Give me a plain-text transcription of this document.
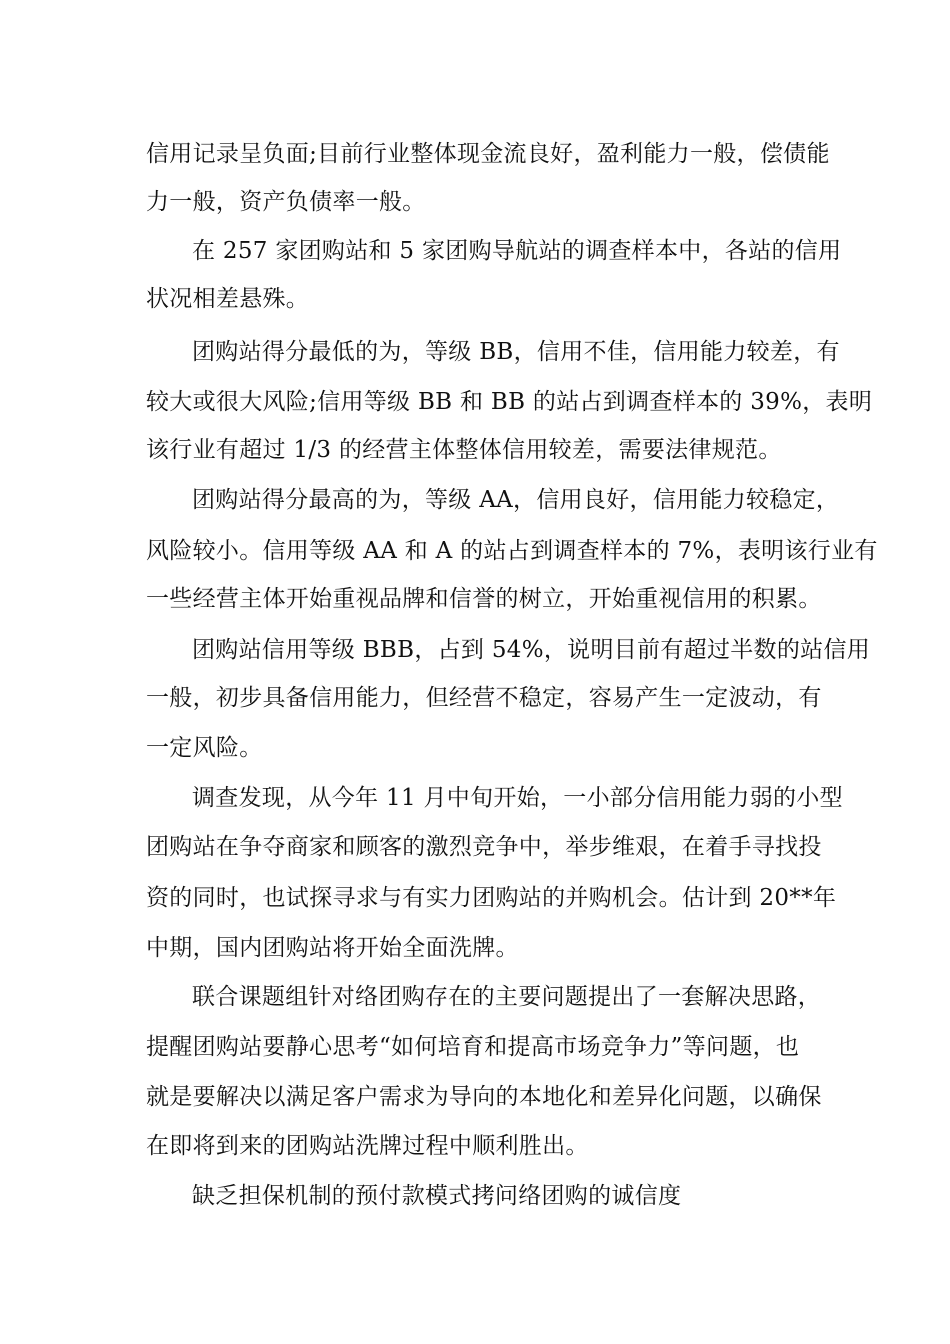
信用记录呈负面;目前行业整体现金流良好，盈利能力一般，偿债能
力一般，资产负债率一般。
在 257 家团购站和 5 家团购导航站的调查样本中，各站的信用
状况相差悬殊。
团购站得分最低的为，等级 BB，信用不佳，信用能力较差，有
较大或很大风险;信用等级 BB 和 BB 的站占到调查样本的 39%，表明
该行业有超过 1/3 的经营主体整体信用较差，需要法律规范。
团购站得分最高的为，等级 AA，信用良好，信用能力较稳定，
风险较小。信用等级 AA 和 A 的站占到调查样本的 7%，表明该行业有
一些经营主体开始重视品牌和信誉的树立，开始重视信用的积累。
团购站信用等级 BBB，占到 54%，说明目前有超过半数的站信用
一般，初步具备信用能力，但经营不稳定，容易产生一定波动，有
一定风险。
调查发现，从今年 11 月中旬开始，一小部分信用能力弱的小型
团购站在争夺商家和顾客的激烈竞争中，举步维艰，在着手寻找投
资的同时，也试探寻求与有实力团购站的并购机会。估计到 20**年
中期，国内团购站将开始全面洗牌。
联合课题组针对络团购存在的主要问题提出了一套解决思路，
提醒团购站要静心思考“如何培育和提高市场竞争力”等问题，也
就是要解决以满足客户需求为导向的本地化和差异化问题，以确保
在即将到来的团购站洗牌过程中顺利胜出。
缺乏担保机制的预付款模式拷问络团购的诚信度
